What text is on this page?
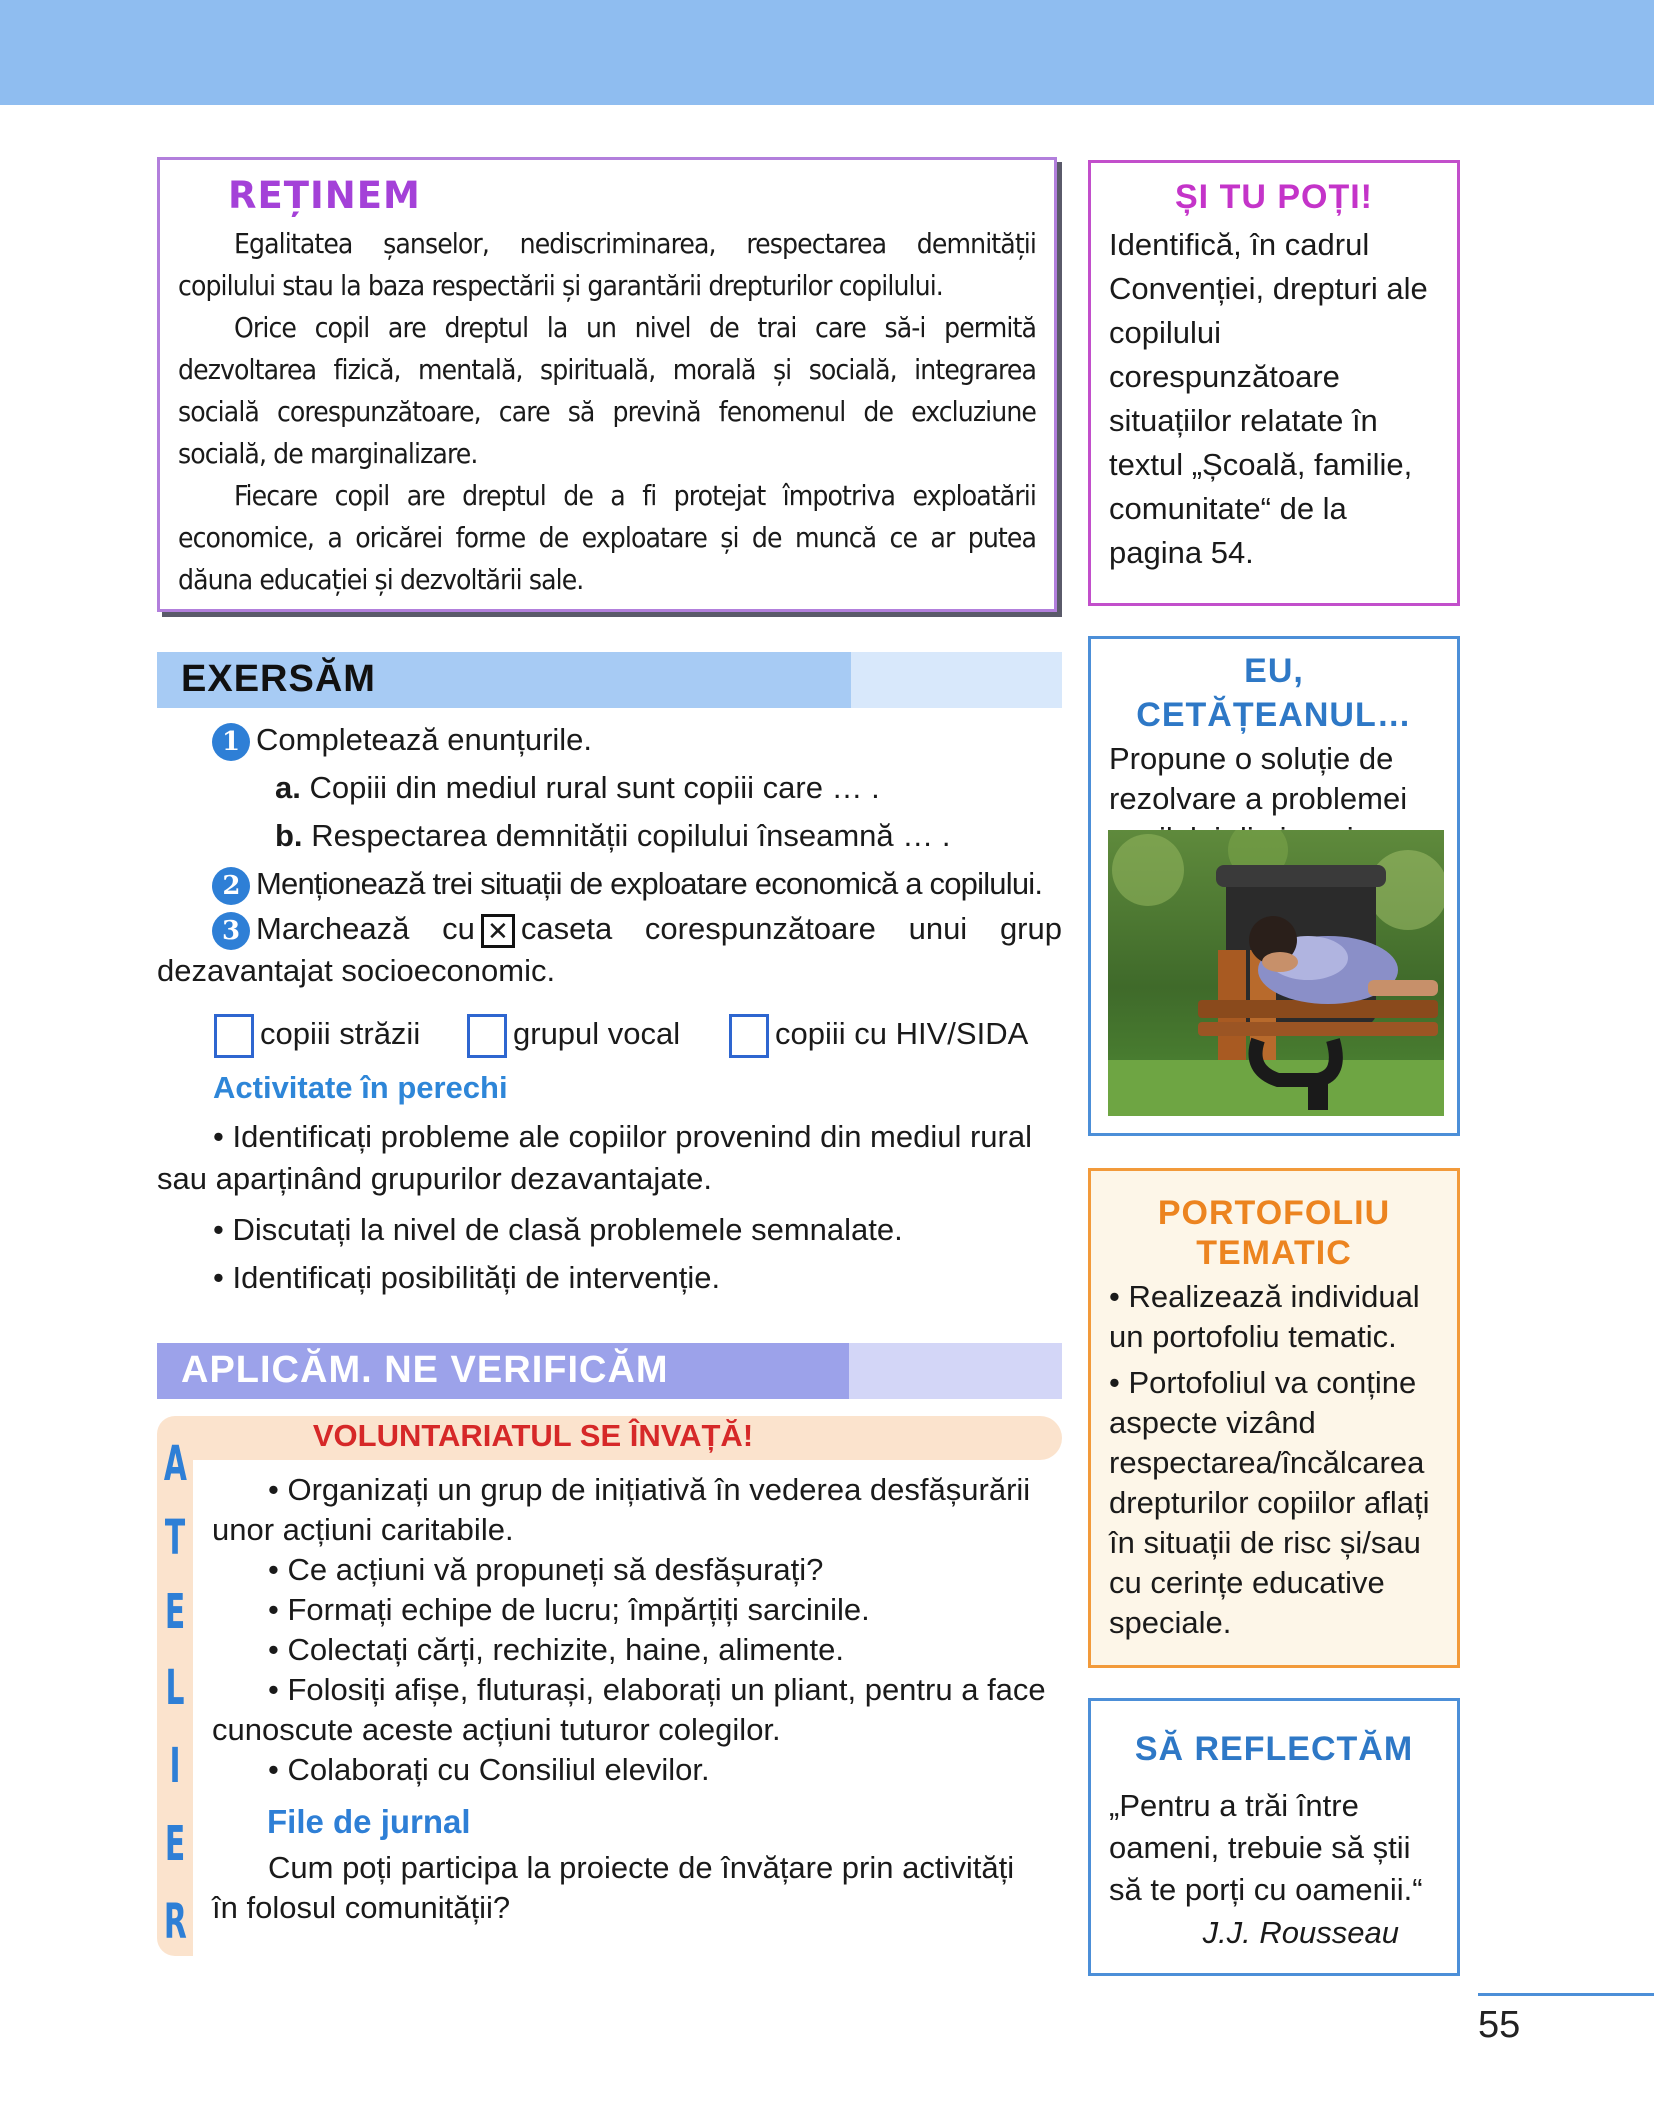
REȚINEM

Egalitatea șanselor, nediscriminarea, respectarea demnității copilului stau la baza respectării și garantării drepturilor copilului.

Orice copil are dreptul la un nivel de trai care să-i permită dezvoltarea fizică, mentală, spirituală, morală și socială, integrarea socială corespunzătoare, care să prevină fenomenul de excluziune socială, de marginalizare.

Fiecare copil are dreptul de a fi protejat împotriva exploatării economice, a oricărei forme de exploatare și de muncă ce ar putea dăuna educației și dezvoltării sale.

ȘI TU POȚI!
Identifică, în cadrul Convenției, drepturi ale copilului corespunzătoare situațiilor relatate în textul „Școală, familie, comunitate“ de la pagina 54.
EXERSĂM
1 Completează enunțurile.
a. Copiii din mediul rural sunt copiii care … .
b. Respectarea demnității copilului înseamnă … .
2 Menționează trei situații de exploatare economică a copilului.
3 Marchează cu ✕ caseta corespunzătoare unui grup dezavantajat socioeconomic.
copiii străzii	grupul vocal	copiii cu HIV/SIDA
Activitate în perechi
• Identificați probleme ale copiilor provenind din mediul rural sau aparținând grupurilor dezavantajate.
• Discutați la nivel de clasă problemele semnalate.
• Identificați posibilități de intervenție.
APLICĂM. NE VERIFICĂM
A
T
E
L
I
E
R
VOLUNTARIATUL SE ÎNVAȚĂ!

• Organizați un grup de inițiativă în vederea desfășurării unor acțiuni caritabile.

• Ce acțiuni vă propuneți să desfășurați?

• Formați echipe de lucru; împărțiți sarcinile.

• Colectați cărți, rechizite, haine, alimente.

• Folosiți afișe, fluturași, elaborați un pliant, pentru a face cunoscute aceste acțiuni tuturor colegilor.

• Colaborați cu Consiliul elevilor.

File de jurnal

Cum poți participa la proiecte de învățare prin activități în folosul comunității?

EU, CETĂȚEANUL…
Propune o soluție de rezolvare a problemei
PORTOFOLIU TEMATIC

• Realizează individual un portofoliu tematic.

• Portofoliul va conține aspecte vizând respectarea/încălcarea drepturilor copiilor aflați în situații de risc și/sau cu cerințe educative speciale.

SĂ REFLECTĂM
„Pentru a trăi între oameni, trebuie să știi să te porți cu oamenii.“
J.J. Rousseau
55
